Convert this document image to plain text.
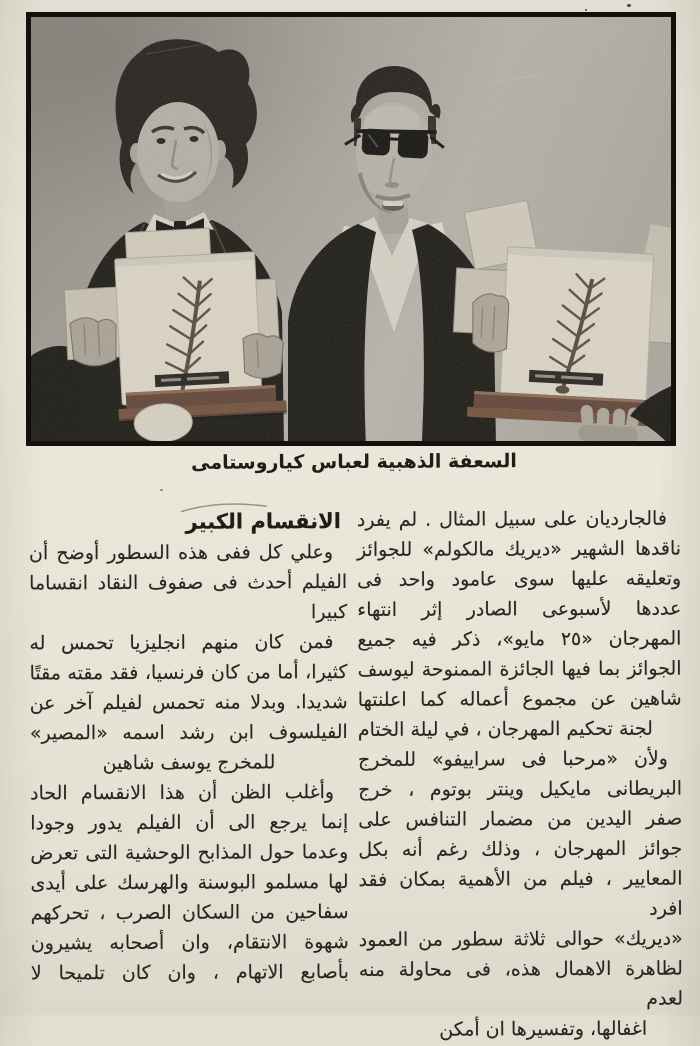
السعفة الذهبية لعباس كياروستامى

فالجارديان على سبيل المثال . لم يفرد
ناقدها الشهير «ديريك مالكولم» للجوائز
وتعليقه عليها سوى عامود واحد فى
عددها لأسبوعى الصادر إثر انتهاء
المهرجان «٢٥ مايو»، ذكر فيه جميع
الجوائز بما فيها الجائزة الممنوحة ليوسف
شاهين عن مجموع أعماله كما اعلنتها
لجنة تحكيم المهرجان ، في ليلة الختام

ولأن «مرحبا فى سراييفو» للمخرج
البريطانى مايكيل وينتر بوتوم ، خرج
صفر اليدين من مضمار التنافس على
جوائز المهرجان ، وذلك رغم أنه بكل
المعايير ، فيلم من الأهمية بمكان فقد افرد
«ديريك» حوالى ثلاثة سطور من العمود
لظاهرة الاهمال هذه، فى محاولة منه لعدم
اغفالها، وتفسيرها ان أمكن

الانقسام الكبير

وعلي كل ففى هذه السطور أوضح أن
الفيلم أحدث فى صفوف النقاد انقساما
كبيرا

فمن كان منهم انجليزيا تحمس له
كثيرا، أما من كان فرنسيا، فقد مقته مقتًا
شديدا. وبدلا منه تحمس لفيلم آخر عن
الفيلسوف ابن رشد اسمه «المصير»
للمخرج يوسف شاهين

وأغلب الظن أن هذا الانقسام الحاد
إنما يرجع الى أن الفيلم يدور وجودا
وعدما حول المذابح الوحشية التى تعرض
لها مسلمو البوسنة والهرسك على أيدى
سفاحين من السكان الصرب ، تحركهم
شهوة الانتقام، وان أصحابه يشيرون
بأصابع الاتهام ، وان كان تلميحا لا
